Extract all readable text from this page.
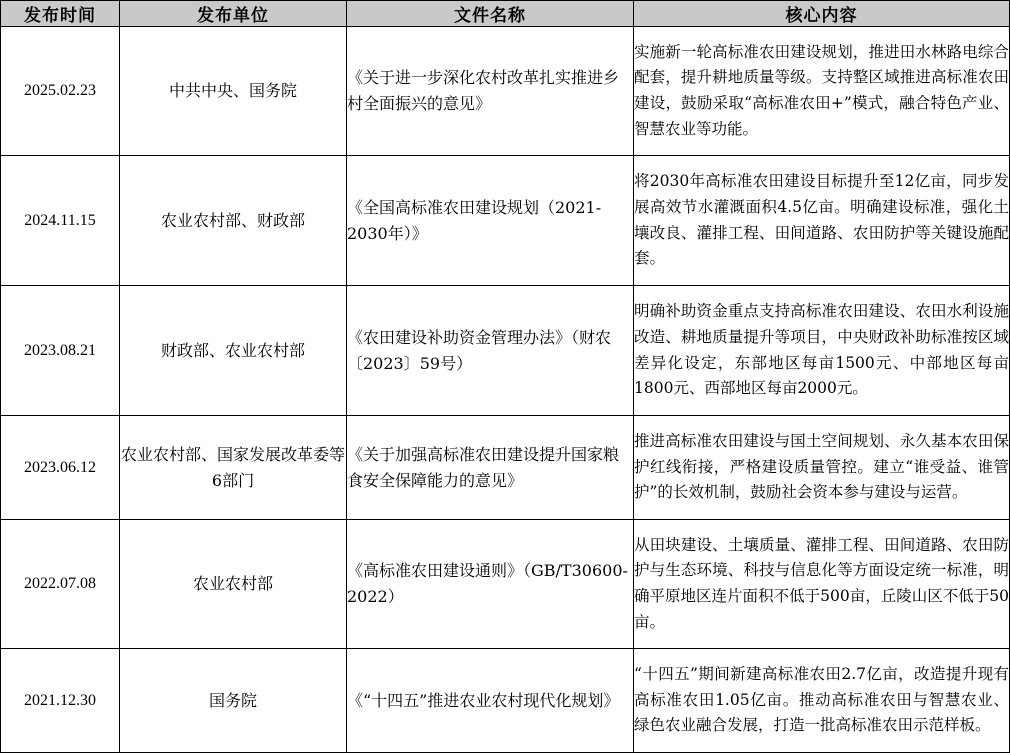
发布时间	发布单位	文件名称	核心内容
2025.02.23	中共中央、国务院	《关于进一步深化农村改革扎实推进乡村全面振兴的意见》	实施新一轮高标准农田建设规划，推进田水林路电综合配套，提升耕地质量等级。支持整区域推进高标准农田建设，鼓励采取“高标准农田+”模式，融合特色产业、智慧农业等功能。
2024.11.15	农业农村部、财政部	《全国高标准农田建设规划（2021-2030年）》	将2030年高标准农田建设目标提升至12亿亩，同步发展高效节水灌溉面积4.5亿亩。明确建设标准，强化土壤改良、灌排工程、田间道路、农田防护等关键设施配套。
2023.08.21	财政部、农业农村部	《农田建设补助资金管理办法》（财农〔2023〕59号）	明确补助资金重点支持高标准农田建设、农田水利设施改造、耕地质量提升等项目，中央财政补助标准按区域差异化设定，东部地区每亩1500元、中部地区每亩1800元、西部地区每亩2000元。
2023.06.12	农业农村部、国家发展改革委等6部门	《关于加强高标准农田建设提升国家粮食安全保障能力的意见》	推进高标准农田建设与国土空间规划、永久基本农田保护红线衔接，严格建设质量管控。建立“谁受益、谁管护”的长效机制，鼓励社会资本参与建设与运营。
2022.07.08	农业农村部	《高标准农田建设通则》（GB/T30600-2022）	从田块建设、土壤质量、灌排工程、田间道路、农田防护与生态环境、科技与信息化等方面设定统一标准，明确平原地区连片面积不低于500亩，丘陵山区不低于50亩。
2021.12.30	国务院	《“十四五”推进农业农村现代化规划》	“十四五”期间新建高标准农田2.7亿亩，改造提升现有高标准农田1.05亿亩。推动高标准农田与智慧农业、绿色农业融合发展，打造一批高标准农田示范样板。
